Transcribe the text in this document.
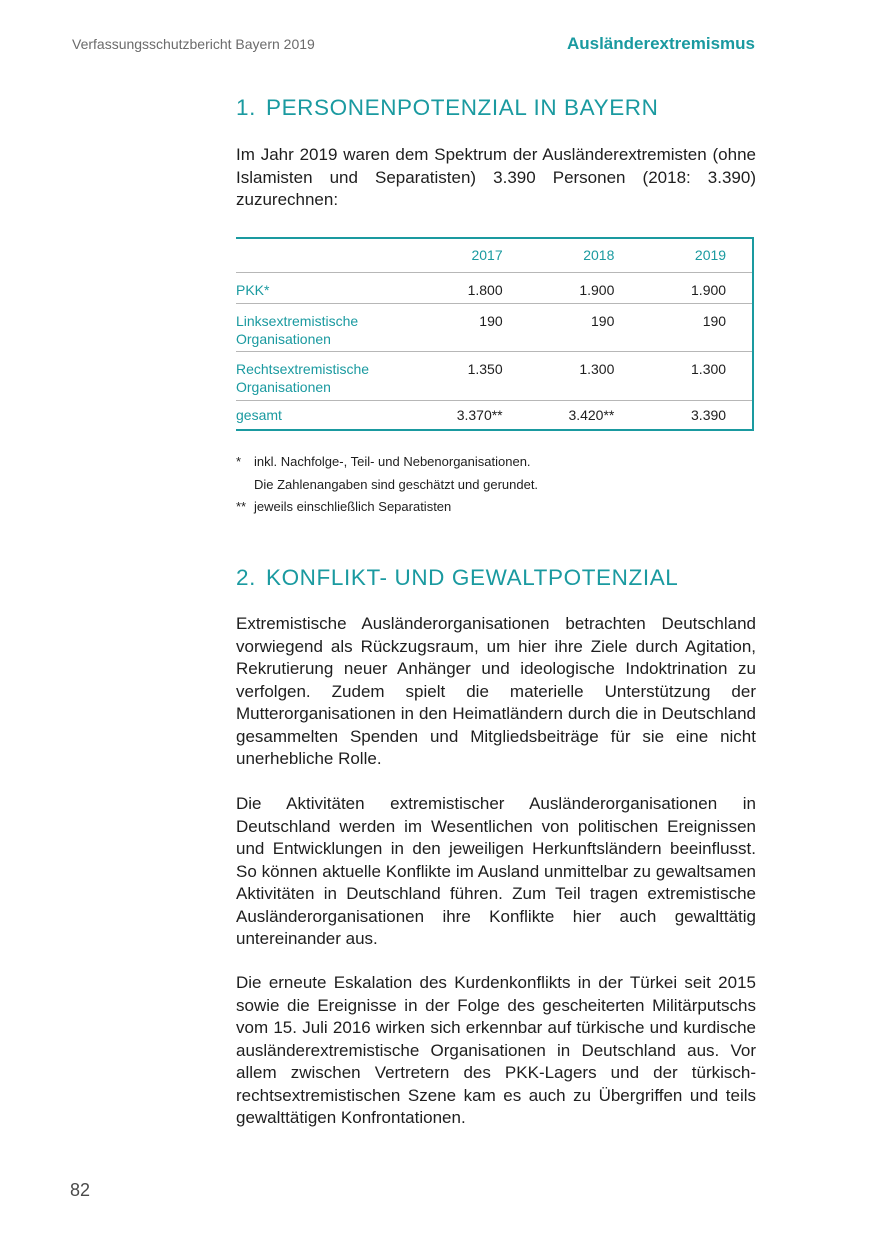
Verfassungsschutzbericht Bayern 2019	Ausländerextremismus
1. PERSONENPOTENZIAL IN BAYERN

Im Jahr 2019 waren dem Spektrum der Ausländerextremisten (ohne Islamisten und Separatisten) 3.390 Personen (2018: 3.390) zuzurechnen:

	2017	2018	2019	
PKK*	1.800	1.900	1.900	
Linksextremistische Organisationen	190	190	190	
Rechtsextremistische Organisationen	1.350	1.300	1.300	
gesamt	3.370**	3.420**	3.390	
* inkl. Nachfolge-, Teil- und Nebenorganisationen.
Die Zahlenangaben sind geschätzt und gerundet.
** jeweils einschließlich Separatisten
2. KONFLIKT- UND GEWALTPOTENZIAL

Extremistische Ausländerorganisationen betrachten Deutschland vorwiegend als Rückzugsraum, um hier ihre Ziele durch Agitation, Rekrutierung neuer Anhänger und ideologische Indoktrination zu verfolgen. Zudem spielt die materielle Unterstützung der Mutterorganisationen in den Heimatländern durch die in Deutschland gesammelten Spenden und Mitgliedsbeiträge für sie eine nicht unerhebliche Rolle.

Die Aktivitäten extremistischer Ausländerorganisationen in Deutschland werden im Wesentlichen von politischen Ereignissen und Entwicklungen in den jeweiligen Herkunftsländern beeinflusst. So können aktuelle Konflikte im Ausland unmittelbar zu gewaltsamen Aktivitäten in Deutschland führen. Zum Teil tragen extremistische Ausländerorganisationen ihre Konflikte hier auch gewalttätig untereinander aus.

Die erneute Eskalation des Kurdenkonflikts in der Türkei seit 2015 sowie die Ereignisse in der Folge des gescheiterten Militärputschs vom 15. Juli 2016 wirken sich erkennbar auf türkische und kurdische ausländerextremistische Organisationen in Deutschland aus. Vor allem zwischen Vertretern des PKK-Lagers und der türkisch-rechtsextremistischen Szene kam es auch zu Übergriffen und teils gewalttätigen Konfrontationen.

82
